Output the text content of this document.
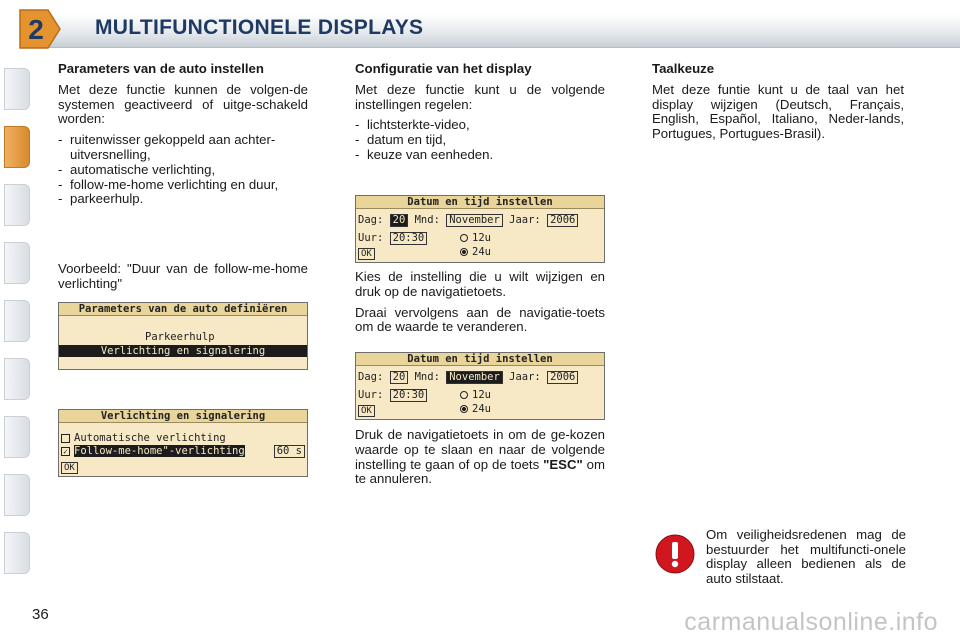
2 MULTIFUNCTIONELE DISPLAYS
Parameters van de auto instellen

Met deze functie kunnen de volgen-de systemen geactiveerd of uitge-schakeld worden:

- ruitenwisser gekoppeld aan achter-uitversnelling,
- automatische verlichting,
- follow-me-home verlichting en duur,
- parkeerhulp.

Voorbeeld: "Duur van de follow-me-home verlichting"

Parameters van de auto definiëren
Parkeerhulp
Verlichting en signalering
Verlichting en signalering
Automatische verlichting
✓ Follow-me-home"-verlichting	60 s
OK
Configuratie van het display

Met deze functie kunt u de volgende instellingen regelen:

- lichtsterkte-video,
- datum en tijd,
- keuze van eenheden.
Datum en tijd instellen
Dag: 20 Mnd: November Jaar: 2006
Uur: 20:30	12u
24u
OK

Kies de instelling die u wilt wijzigen en druk op de navigatietoets.

Draai vervolgens aan de navigatie-toets om de waarde te veranderen.

Datum en tijd instellen
Dag: 20 Mnd: November Jaar: 2006
Uur: 20:30	12u
24u
OK

Druk de navigatietoets in om de ge-kozen waarde op te slaan en naar de volgende instelling te gaan of op de toets "ESC" om te annuleren.

Taalkeuze

Met deze funtie kunt u de taal van het display wijzigen (Deutsch, Français, English, Español, Italiano, Neder-lands, Portugues, Portugues-Brasil).

Om veiligheidsredenen mag de bestuurder het multifuncti-onele display alleen bedienen als de auto stilstaat.

36	carmanualsonline.info
